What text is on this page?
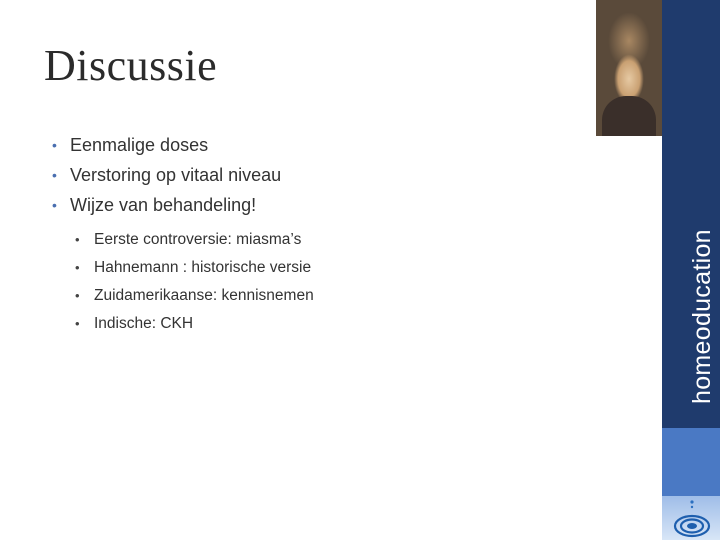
Discussie
• Eenmalige doses
• Verstoring op vitaal niveau
• Wijze van behandeling!
• Eerste controversie: miasma’s
• Hahnemann : historische versie
• Zuidamerikaanse: kennisnemen
• Indische: CKH	homeoducation
